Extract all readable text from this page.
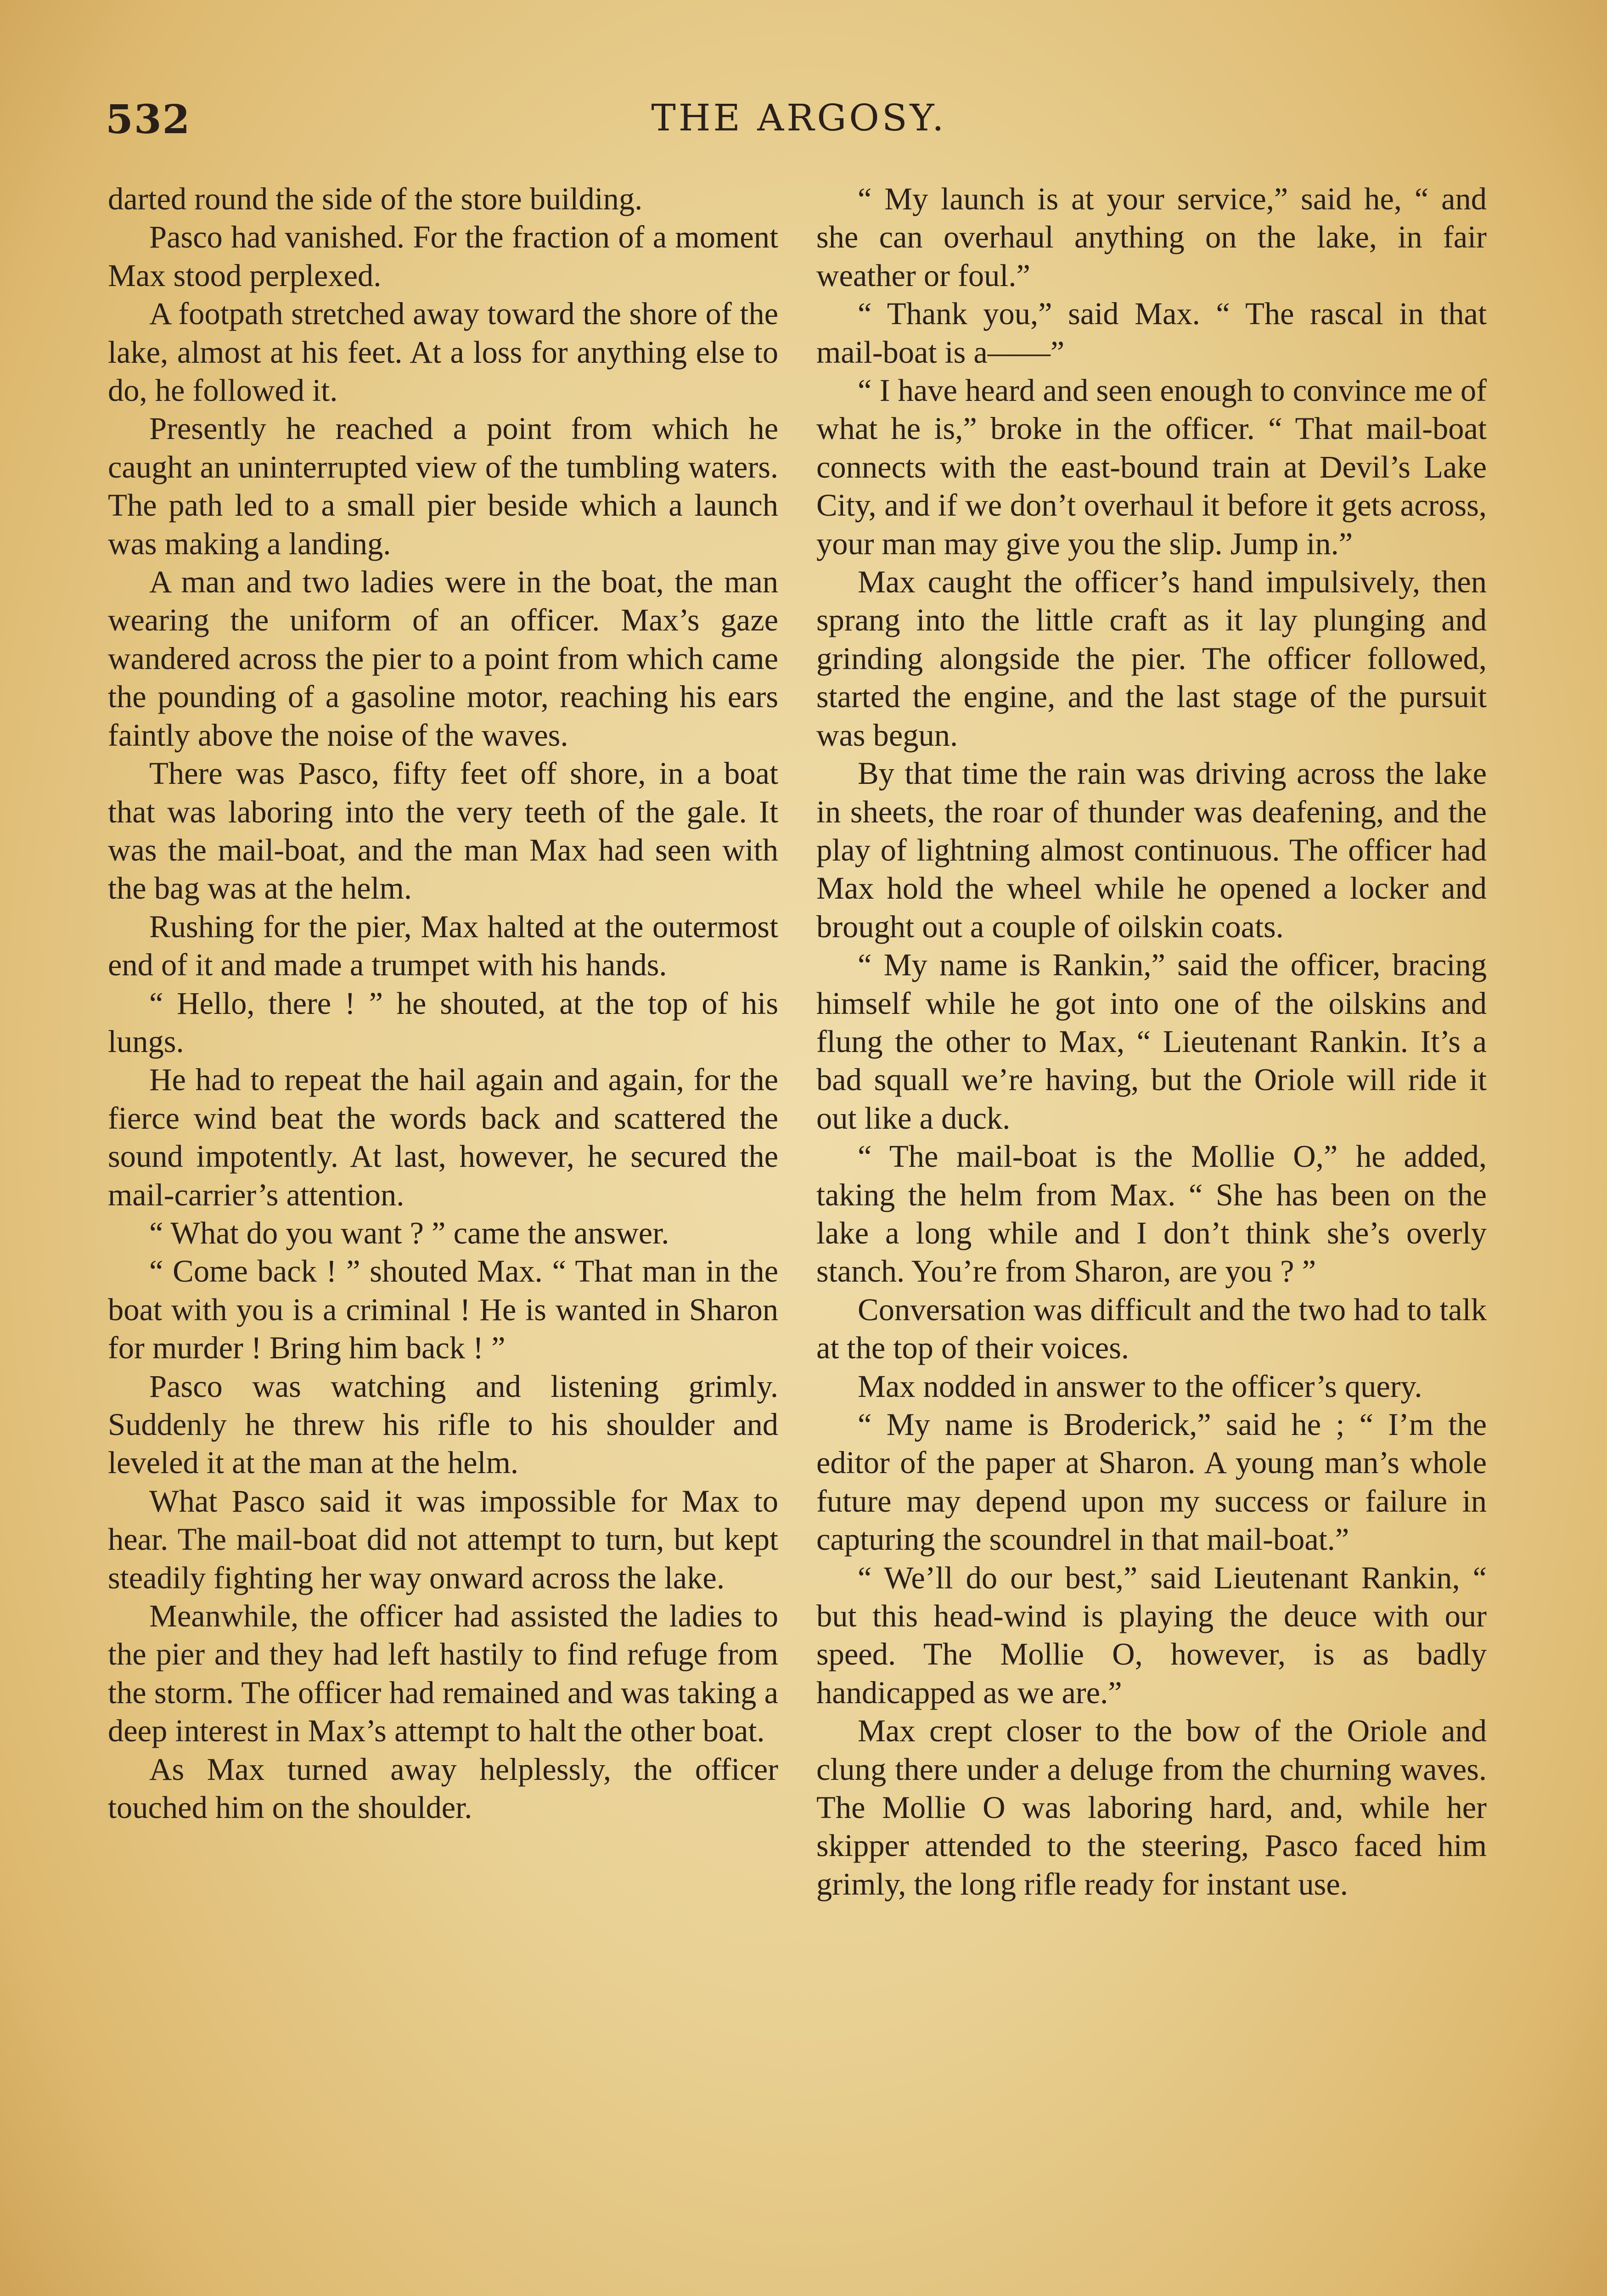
532	THE ARGOSY.

darted round the side of the store building.

Pasco had vanished. For the fraction of a moment Max stood perplexed.

A footpath stretched away toward the shore of the lake, almost at his feet. At a loss for anything else to do, he followed it.

Presently he reached a point from which he caught an uninterrupted view of the tumbling waters. The path led to a small pier beside which a launch was making a landing.

A man and two ladies were in the boat, the man wearing the uniform of an officer. Max’s gaze wandered across the pier to a point from which came the pounding of a gasoline motor, reaching his ears faintly above the noise of the waves.

There was Pasco, fifty feet off shore, in a boat that was laboring into the very teeth of the gale. It was the mail-boat, and the man Max had seen with the bag was at the helm.

Rushing for the pier, Max halted at the outermost end of it and made a trumpet with his hands.

“ Hello, there ! ” he shouted, at the top of his lungs.

He had to repeat the hail again and again, for the fierce wind beat the words back and scattered the sound impotently. At last, however, he secured the mail-carrier’s attention.

“ What do you want ? ” came the answer.

“ Come back ! ” shouted Max. “ That man in the boat with you is a criminal ! He is wanted in Sharon for murder ! Bring him back ! ”

Pasco was watching and listening grimly. Suddenly he threw his rifle to his shoulder and leveled it at the man at the helm.

What Pasco said it was impossible for Max to hear. The mail-boat did not attempt to turn, but kept steadily fighting her way onward across the lake.

Meanwhile, the officer had assisted the ladies to the pier and they had left hastily to find refuge from the storm. The officer had remained and was taking a deep interest in Max’s attempt to halt the other boat.

As Max turned away helplessly, the officer touched him on the shoulder.

“ My launch is at your service,” said he, “ and she can overhaul anything on the lake, in fair weather or foul.”

“ Thank you,” said Max. “ The rascal in that mail-boat is a——”

“ I have heard and seen enough to convince me of what he is,” broke in the officer. “ That mail-boat connects with the east-bound train at Devil’s Lake City, and if we don’t overhaul it before it gets across, your man may give you the slip. Jump in.”

Max caught the officer’s hand impulsively, then sprang into the little craft as it lay plunging and grinding alongside the pier. The officer followed, started the engine, and the last stage of the pursuit was begun.

By that time the rain was driving across the lake in sheets, the roar of thunder was deafening, and the play of lightning almost continuous. The officer had Max hold the wheel while he opened a locker and brought out a couple of oilskin coats.

“ My name is Rankin,” said the officer, bracing himself while he got into one of the oilskins and flung the other to Max, “ Lieutenant Rankin. It’s a bad squall we’re having, but the Oriole will ride it out like a duck.

“ The mail-boat is the Mollie O,” he added, taking the helm from Max. “ She has been on the lake a long while and I don’t think she’s overly stanch. You’re from Sharon, are you ? ”

Conversation was difficult and the two had to talk at the top of their voices.

Max nodded in answer to the officer’s query.

“ My name is Broderick,” said he ; “ I’m the editor of the paper at Sharon. A young man’s whole future may depend upon my success or failure in capturing the scoundrel in that mail-boat.”

“ We’ll do our best,” said Lieutenant Rankin, “ but this head-wind is playing the deuce with our speed. The Mollie O, however, is as badly handicapped as we are.”

Max crept closer to the bow of the Oriole and clung there under a deluge from the churning waves. The Mollie O was laboring hard, and, while her skipper attended to the steering, Pasco faced him grimly, the long rifle ready for instant use.
